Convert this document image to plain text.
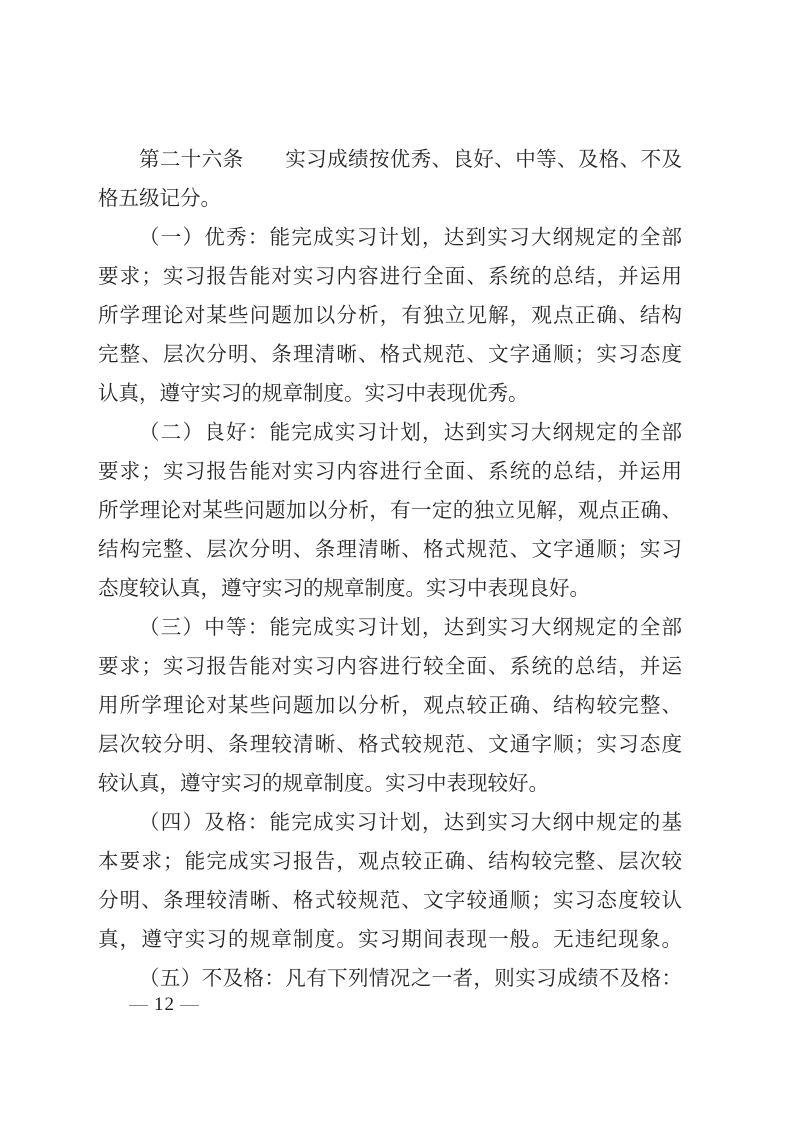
第二十六条　　实习成绩按优秀、良好、中等、及格、不及
格五级记分。
（一）优秀：能完成实习计划，达到实习大纲规定的全部
要求；实习报告能对实习内容进行全面、系统的总结，并运用
所学理论对某些问题加以分析，有独立见解，观点正确、结构
完整、层次分明、条理清晰、格式规范、文字通顺；实习态度
认真，遵守实习的规章制度。实习中表现优秀。
（二）良好：能完成实习计划，达到实习大纲规定的全部
要求；实习报告能对实习内容进行全面、系统的总结，并运用
所学理论对某些问题加以分析，有一定的独立见解，观点正确、
结构完整、层次分明、条理清晰、格式规范、文字通顺；实习
态度较认真，遵守实习的规章制度。实习中表现良好。
（三）中等：能完成实习计划，达到实习大纲规定的全部
要求；实习报告能对实习内容进行较全面、系统的总结，并运
用所学理论对某些问题加以分析，观点较正确、结构较完整、
层次较分明、条理较清晰、格式较规范、文通字顺；实习态度
较认真，遵守实习的规章制度。实习中表现较好。
（四）及格：能完成实习计划，达到实习大纲中规定的基
本要求；能完成实习报告，观点较正确、结构较完整、层次较
分明、条理较清晰、格式较规范、文字较通顺；实习态度较认
真，遵守实习的规章制度。实习期间表现一般。无违纪现象。
（五）不及格：凡有下列情况之一者，则实习成绩不及格：
— 12 —
